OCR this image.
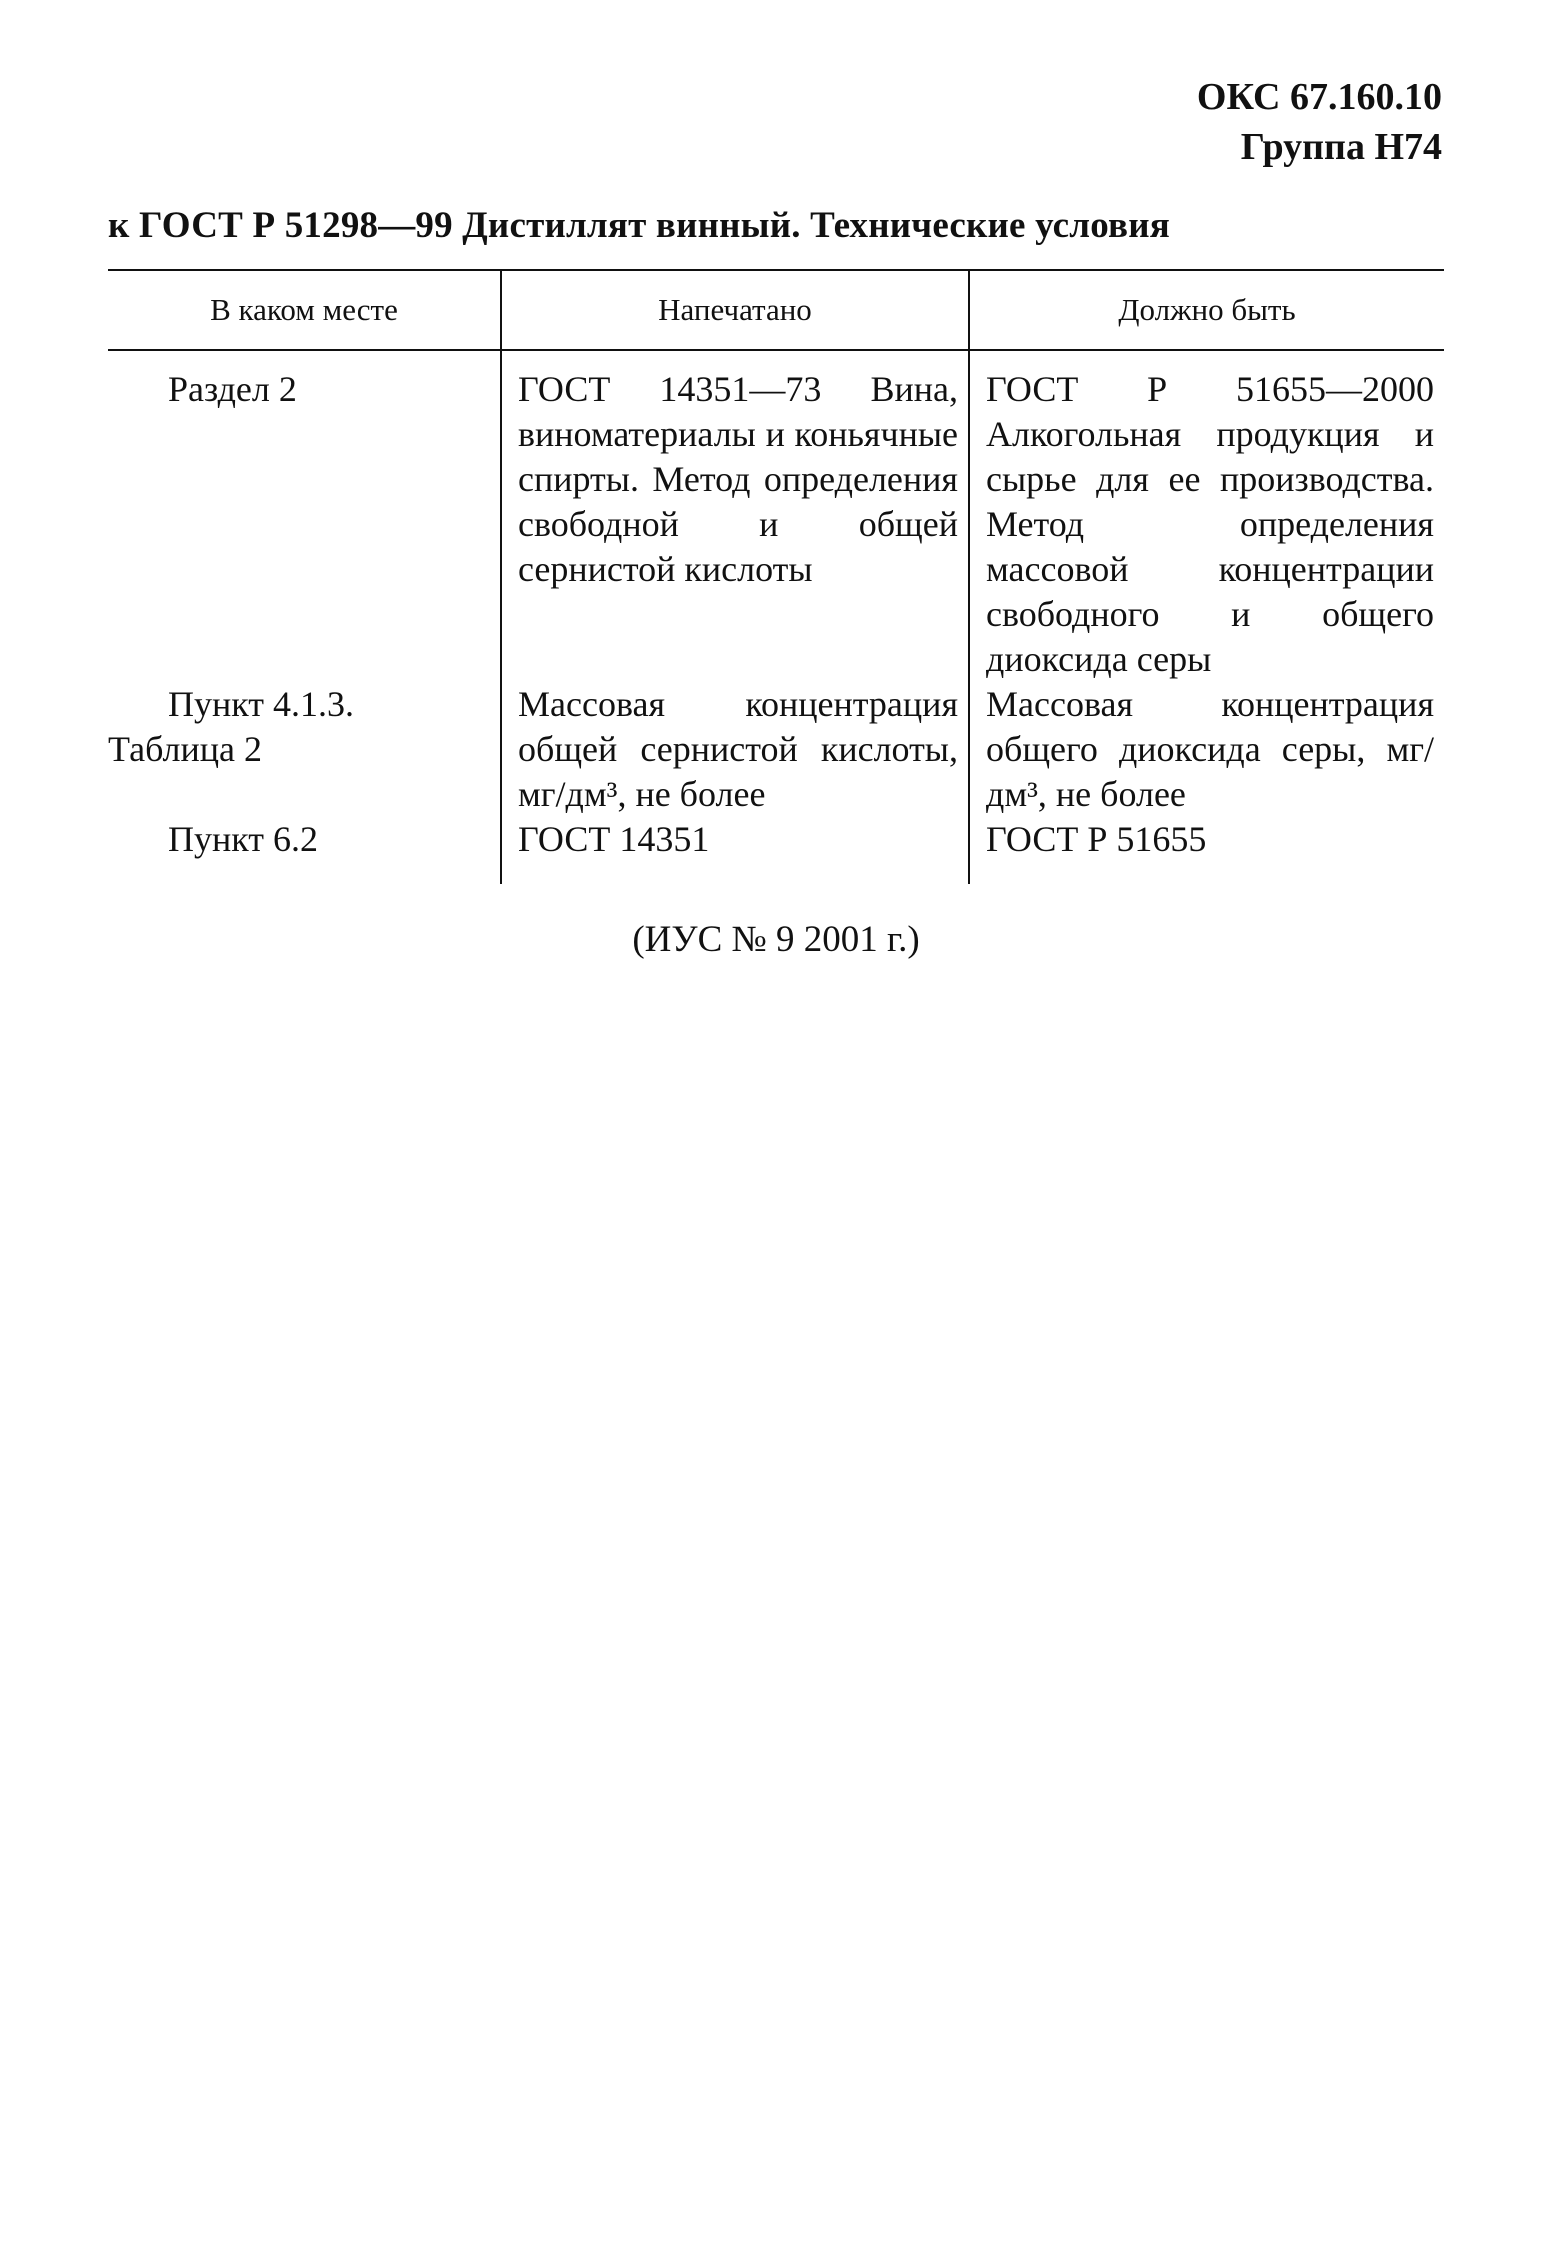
ОКС 67.160.10
Группа Н74
к ГОСТ Р 51298—99 Дистиллят винный. Технические условия
В каком месте	Напечатано	Должно быть

Раздел 2	ГОСТ 14351—73 Вина, виноматериалы и коньячные спирты. Метод определения свободной и общей сернистой кислоты	ГОСТ Р 51655—2000 Алкогольная продукция и сырье для ее производства. Метод определения массовой концентрации свободного и общего диоксида серы

Пункт 4.1.3. Таблица 2	Массовая концентрация общей сернистой кислоты, мг/дм³, не более	Массовая концентрация общего диоксида серы, мг/дм³, не более

Пункт 6.2	ГОСТ 14351	ГОСТ Р 51655
(ИУС № 9 2001 г.)
